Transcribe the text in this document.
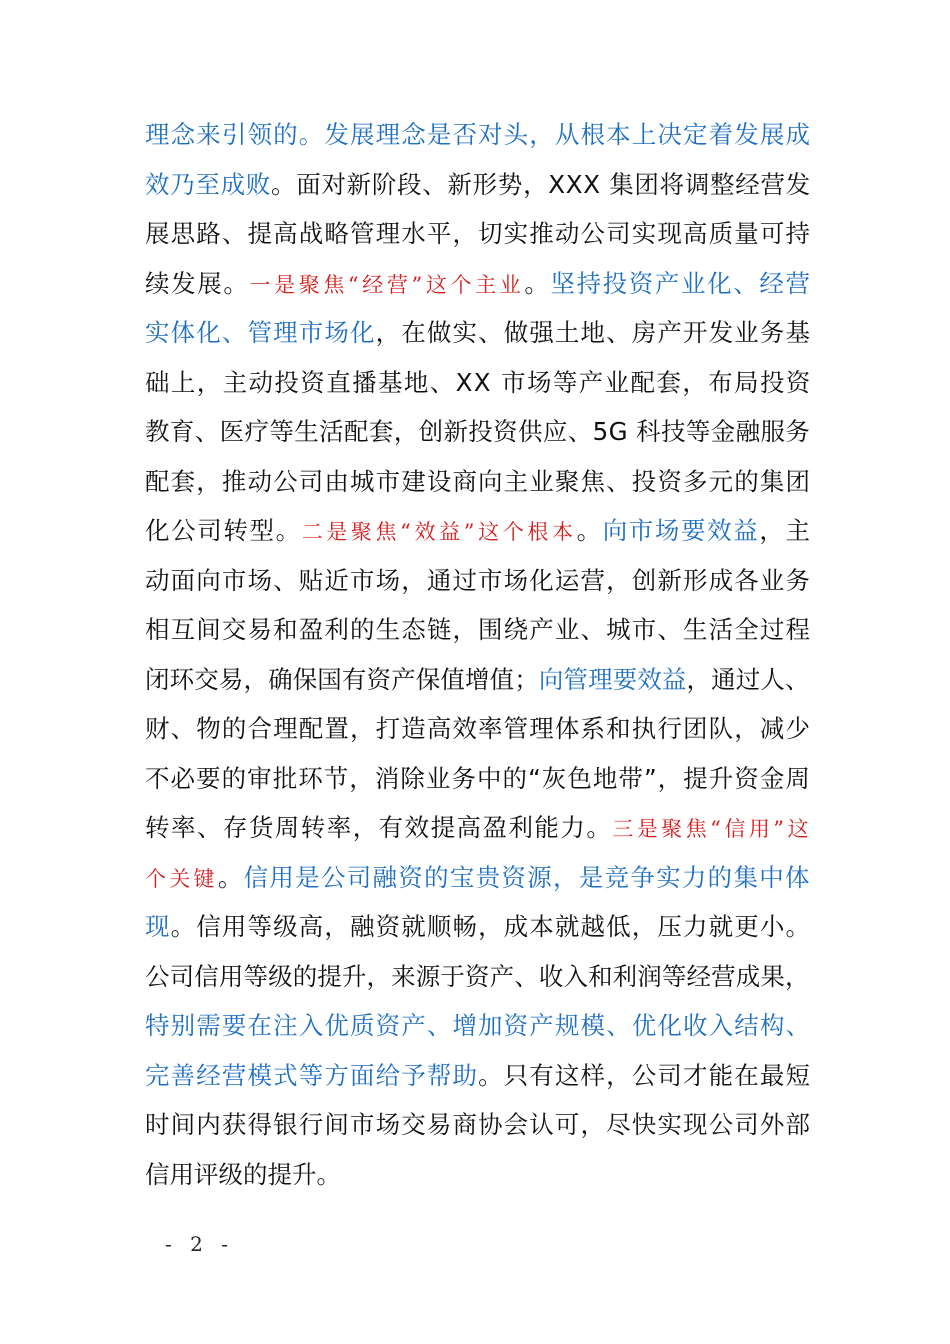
理念来引领的。发展理念是否对头，从根本上决定着发展成
效乃至成败。面对新阶段、新形势，XXX 集团将调整经营发
展思路、提高战略管理水平，切实推动公司实现高质量可持
续发展。一是聚焦“经营”这个主业。坚持投资产业化、经营
实体化、管理市场化，在做实、做强土地、房产开发业务基
础上，主动投资直播基地、XX 市场等产业配套，布局投资
教育、医疗等生活配套，创新投资供应、5G 科技等金融服务
配套，推动公司由城市建设商向主业聚焦、投资多元的集团
化公司转型。二是聚焦“效益”这个根本。向市场要效益，主
动面向市场、贴近市场，通过市场化运营，创新形成各业务
相互间交易和盈利的生态链，围绕产业、城市、生活全过程
闭环交易，确保国有资产保值增值；向管理要效益，通过人、
财、物的合理配置，打造高效率管理体系和执行团队，减少
不必要的审批环节，消除业务中的“灰色地带”，提升资金周
转率、存货周转率，有效提高盈利能力。三是聚焦“信用”这
个关键。信用是公司融资的宝贵资源，是竞争实力的集中体
现。信用等级高，融资就顺畅，成本就越低，压力就更小。
公司信用等级的提升，来源于资产、收入和利润等经营成果，
特别需要在注入优质资产、增加资产规模、优化收入结构、
完善经营模式等方面给予帮助。只有这样，公司才能在最短
时间内获得银行间市场交易商协会认可，尽快实现公司外部
信用评级的提升。
- 2 -
